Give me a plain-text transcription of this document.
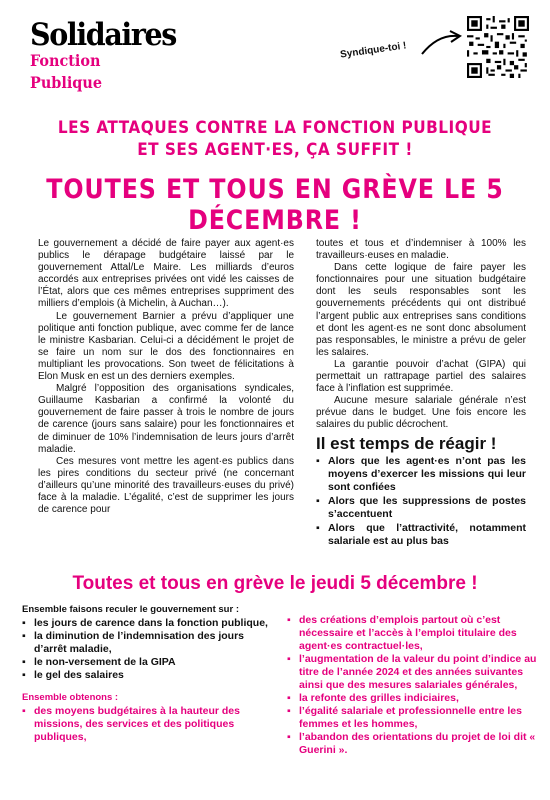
Solidaires
Fonction Publique
Syndique-toi !
LES ATTAQUES CONTRE LA FONCTION PUBLIQUE
ET SES AGENT·ES, ÇA SUFFIT !
TOUTES ET TOUS EN GRÈVE LE 5 DÉCEMBRE !

Le gouvernement a décidé de faire payer aux agent·es publics le dérapage budgétaire laissé par le gouvernement Attal/Le Maire. Les milliards d’euros accordés aux entreprises privées ont vidé les caisses de l’État, alors que ces mêmes entreprises suppriment des milliers d’emplois (à Michelin, à Auchan…).

Le gouvernement Barnier a prévu d’appliquer une politique anti fonction publique, avec comme fer de lance le ministre Kasbarian. Celui-ci a décidément le projet de se faire un nom sur le dos des fonctionnaires en multipliant les provocations. Son tweet de félicitations à Elon Musk en est un des derniers exemples.

Malgré l’opposition des organisations syndicales, Guillaume Kasbarian a confirmé la volonté du gouvernement de faire passer à trois le nombre de jours de carence (jours sans salaire) pour les fonctionnaires et de diminuer de 10% l’indemnisation de leurs jours d’arrêt maladie.

Ces mesures vont mettre les agent·es publics dans les pires conditions du secteur privé (ne concernant d’ailleurs qu’une minorité des travailleurs·euses du privé) face à la maladie. L’égalité, c’est de supprimer les jours de carence pour

toutes et tous et d’indemniser à 100% les travailleurs·euses en maladie.

Dans cette logique de faire payer les fonctionnaires pour une situation budgétaire dont les seuls responsables sont les gouvernements précédents qui ont distribué l’argent public aux entreprises sans conditions et dont les agent·es ne sont donc absolument pas responsables, le ministre a prévu de geler les salaires.

La garantie pouvoir d’achat (GIPA) qui permettait un rattrapage partiel des salaires face à l’inflation est supprimée.

Aucune mesure salariale générale n’est prévue dans le budget. Une fois encore les salaires du public décrochent.

Il est temps de réagir !
▪ Alors que les agent·es n’ont pas les moyens d’exercer les missions qui leur sont confiées
▪ Alors que les suppressions de postes s’accentuent
▪ Alors que l’attractivité, notamment salariale est au plus bas
Toutes et tous en grève le jeudi 5 décembre !
Ensemble faisons reculer le gouvernement sur :
▪ les jours de carence dans la fonction publique,
▪ la diminution de l’indemnisation des jours d’arrêt maladie,
▪ le non-versement de la GIPA
▪ le gel des salaires
Ensemble obtenons :
▪ des moyens budgétaires à la hauteur des missions, des services et des politiques publiques,
▪ des créations d’emplois partout où c’est nécessaire et l’accès à l’emploi titulaire des agent·es contractuel·les,
▪ l’augmentation de la valeur du point d’indice au titre de l’année 2024 et des années suivantes ainsi que des mesures salariales générales,
▪ la refonte des grilles indiciaires,
▪ l’égalité salariale et professionnelle entre les femmes et les hommes,
▪ l’abandon des orientations du projet de loi dit « Guerini ».
